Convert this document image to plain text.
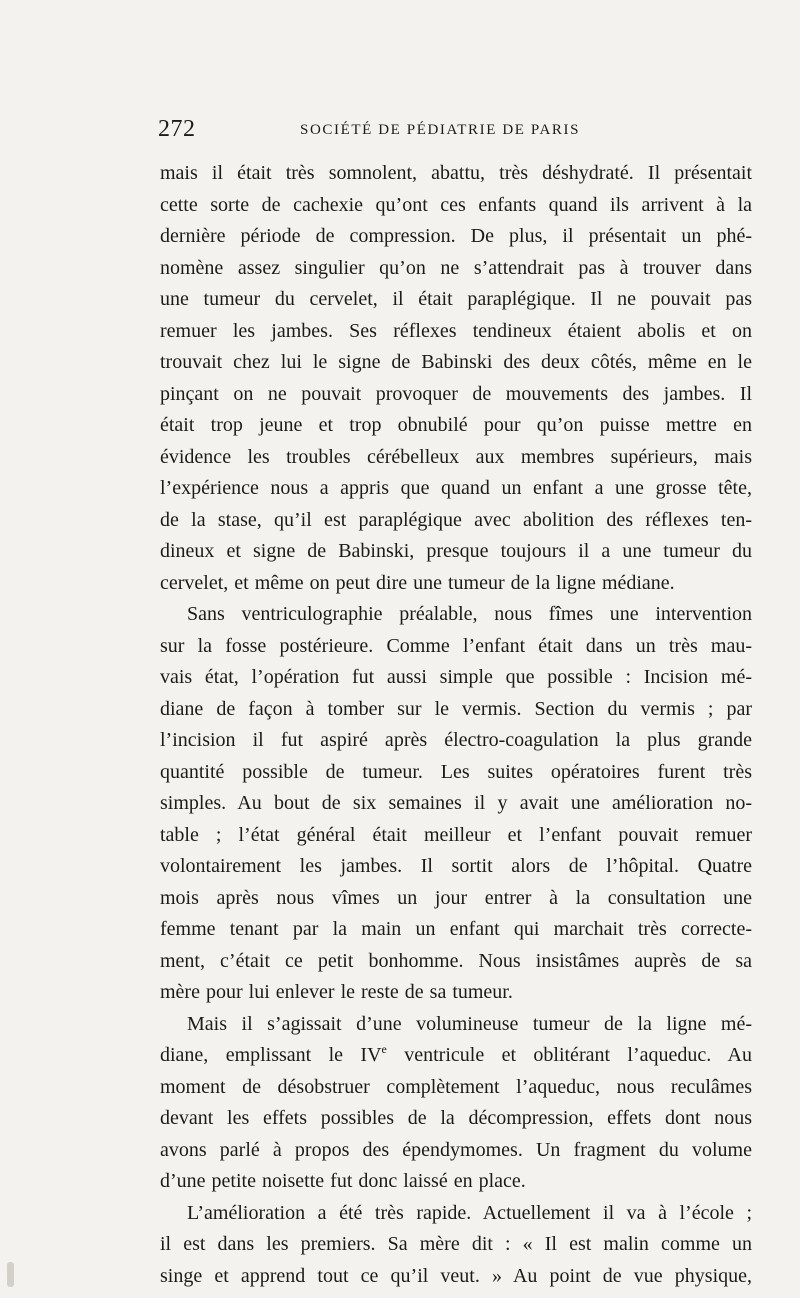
272	SOCIÉTÉ DE PÉDIATRIE DE PARIS
mais il était très somnolent, abattu, très déshydraté. Il présentait
cette sorte de cachexie qu’ont ces enfants quand ils arrivent à la
dernière période de compression. De plus, il présentait un phé-
nomène assez singulier qu’on ne s’attendrait pas à trouver dans
une tumeur du cervelet, il était paraplégique. Il ne pouvait pas
remuer les jambes. Ses réflexes tendineux étaient abolis et on
trouvait chez lui le signe de Babinski des deux côtés, même en le
pinçant on ne pouvait provoquer de mouvements des jambes. Il
était trop jeune et trop obnubilé pour qu’on puisse mettre en
évidence les troubles cérébelleux aux membres supérieurs, mais
l’expérience nous a appris que quand un enfant a une grosse tête,
de la stase, qu’il est paraplégique avec abolition des réflexes ten-
dineux et signe de Babinski, presque toujours il a une tumeur du
cervelet, et même on peut dire une tumeur de la ligne médiane.
Sans ventriculographie préalable, nous fîmes une intervention
sur la fosse postérieure. Comme l’enfant était dans un très mau-
vais état, l’opération fut aussi simple que possible : Incision mé-
diane de façon à tomber sur le vermis. Section du vermis ; par
l’incision il fut aspiré après électro-coagulation la plus grande
quantité possible de tumeur. Les suites opératoires furent très
simples. Au bout de six semaines il y avait une amélioration no-
table ; l’état général était meilleur et l’enfant pouvait remuer
volontairement les jambes. Il sortit alors de l’hôpital. Quatre
mois après nous vîmes un jour entrer à la consultation une
femme tenant par la main un enfant qui marchait très correcte-
ment, c’était ce petit bonhomme. Nous insistâmes auprès de sa
mère pour lui enlever le reste de sa tumeur.
Mais il s’agissait d’une volumineuse tumeur de la ligne mé-
diane, emplissant le IVe ventricule et oblitérant l’aqueduc. Au
moment de désobstruer complètement l’aqueduc, nous reculâmes
devant les effets possibles de la décompression, effets dont nous
avons parlé à propos des épendymomes. Un fragment du volume
d’une petite noisette fut donc laissé en place.
L’amélioration a été très rapide. Actuellement il va à l’école ;
il est dans les premiers. Sa mère dit : « Il est malin comme un
singe et apprend tout ce qu’il veut. » Au point de vue physique,
